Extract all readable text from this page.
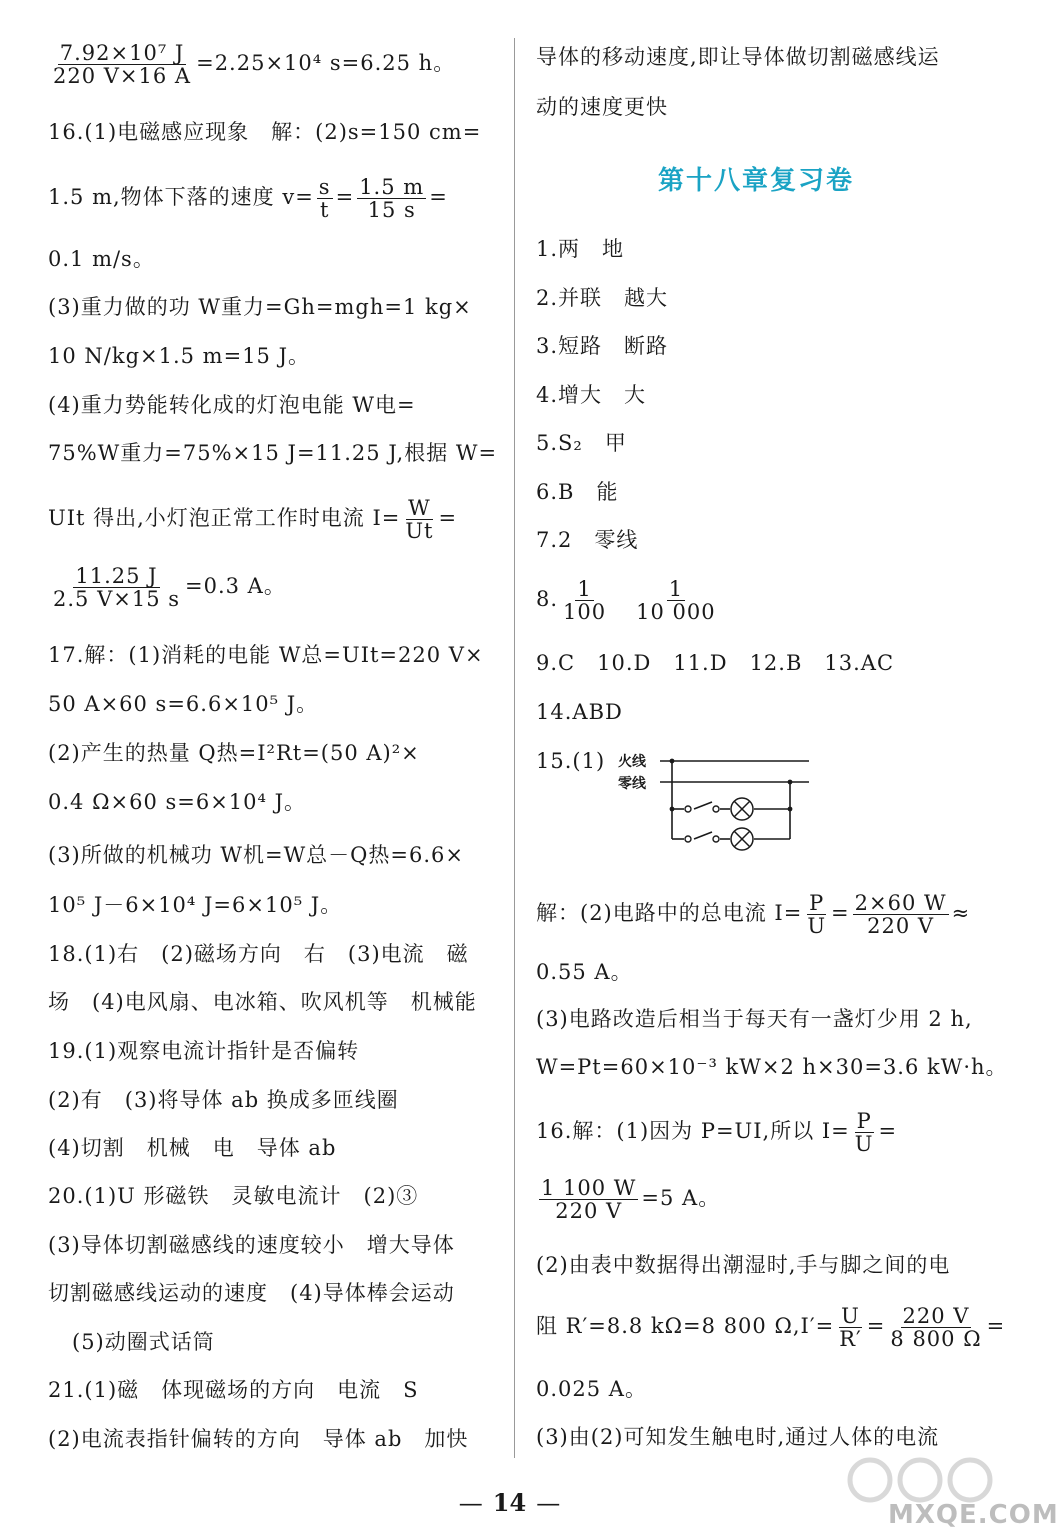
$\frac{\text{7.92×10⁷ J}}{220 V\times 16 A} =2.25\times 10^4$ s=6.25 h。
16.(1)电磁感应现象　解：(2)s=150 cm=
1.5 m,物体下落的速度 $v= \frac{s}{t} = \frac{1.5 m}{15 s}$ =
0.1 m/s。
(3)重力做的功 W重力=Gh=mgh=1 kg×
10 N/kg×1.5 m=15 J。
(4)重力势能转化成的灯泡电能 W电=
75%W重力=75%×15 J=11.25 J,根据 W=
UIt 得出,小灯泡正常工作时电流 $I= \frac{W}{Ut}$ =
$\frac{11.25 J}{2.5 V\times 15 s} =0.3$ A。
17.解：(1)消耗的电能 W总=UIt=220 V×
50 A×60 s=6.6×10⁵ J。
(2)产生的热量 Q热=I²Rt=(50 A)²×
0.4 Ω×60 s=6×10⁴ J。
(3)所做的机械功 W机=W总－Q热=6.6×
10⁵ J－6×10⁴ J=6×10⁵ J。
18.(1)右　(2)磁场方向　右　(3)电流　磁
场　(4)电风扇、电冰箱、吹风机等　机械能
19.(1)观察电流计指针是否偏转
(2)有　(3)将导体 ab 换成多匝线圈
(4)切割　机械　电　导体 ab
20.(1)U 形磁铁　灵敏电流计　(2)③
(3)导体切割磁感线的速度较小　增大导体
切割磁感线运动的速度　(4)导体棒会运动
(5)动圈式话筒
21.(1)磁　体现磁场的方向　电流　S
(2)电流表指针偏转的方向　导体 ab　加快
导体的移动速度,即让导体做切割磁感线运
动的速度更快
第十八章复习卷
1.两　地
2.并联　越大
3.短路　断路
4.增大　大
5.S₂　甲
6.B　能
7.2　零线
8. $\frac{1}{100} \frac{1}{10 000}$
9.C　10.D　11.D　12.B　13.AC
14.ABD
15.(1) 火线
零线
解：(2)电路中的总电流 $I= \frac{P}{U} = \frac{2\times 60 W}{220 V}$ ≈
0.55 A。
(3)电路改造后相当于每天有一盏灯少用 2 h,
W=Pt=60×10⁻³ kW×2 h×30=3.6 kW·h。
16.解：(1)因为 P=UI,所以 $I= \frac{P}{U}$ =
$\frac{1 100 W}{220 V} =5$ A。
(2)由表中数据得出潮湿时,手与脚之间的电
阻 R′=8.8 kΩ=8 800 $\Omega,I'= \frac{U}{R'} = \frac{220 V}{8 800 \Omega}$ =
0.025 A。
(3)由(2)可知发生触电时,通过人体的电流
— 14 —	MXQE.COM
